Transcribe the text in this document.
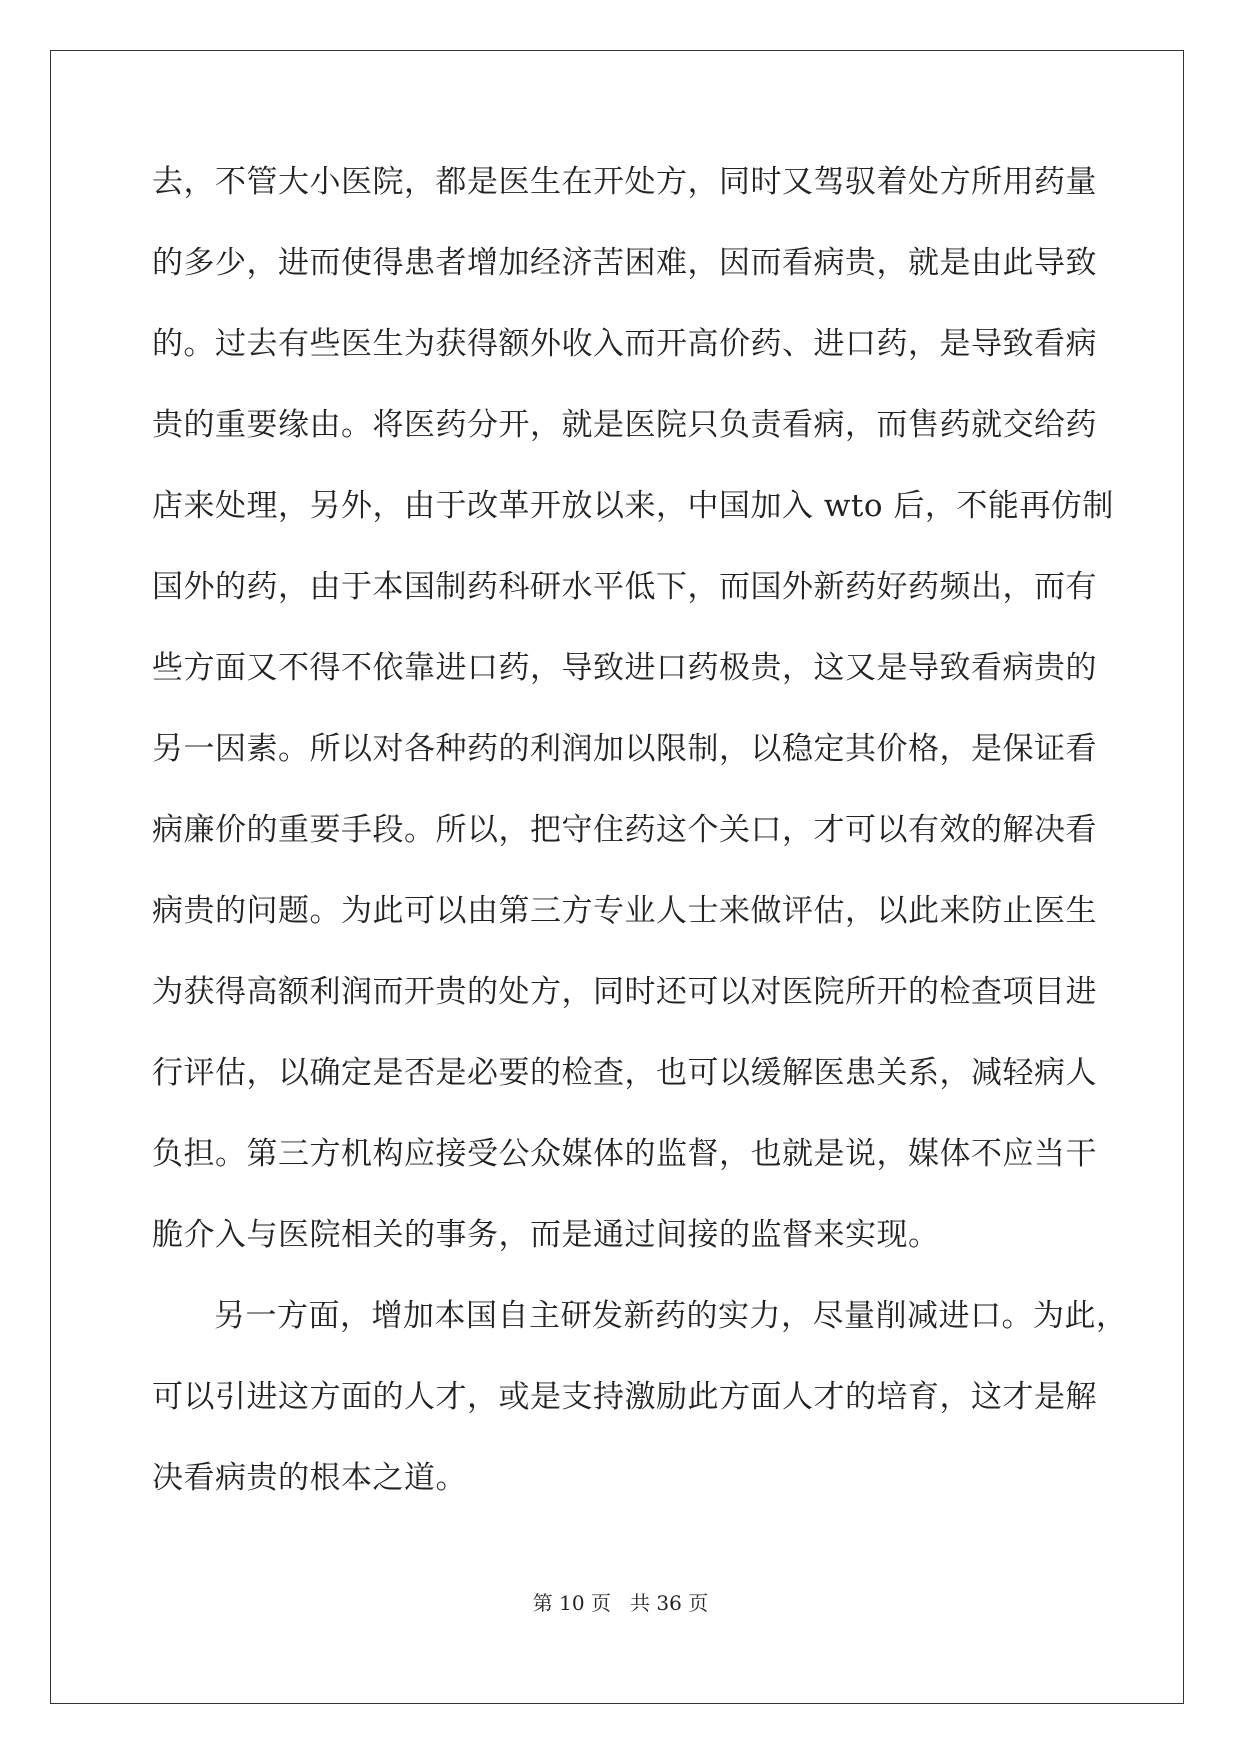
去，不管大小医院，都是医生在开处方，同时又驾驭着处方所用药量
的多少，进而使得患者增加经济苦困难，因而看病贵，就是由此导致
的。过去有些医生为获得额外收入而开高价药、进口药，是导致看病
贵的重要缘由。将医药分开，就是医院只负责看病，而售药就交给药
店来处理，另外，由于改革开放以来，中国加入 wto 后，不能再仿制
国外的药，由于本国制药科研水平低下，而国外新药好药频出，而有
些方面又不得不依靠进口药，导致进口药极贵，这又是导致看病贵的
另一因素。所以对各种药的利润加以限制，以稳定其价格，是保证看
病廉价的重要手段。所以，把守住药这个关口，才可以有效的解决看
病贵的问题。为此可以由第三方专业人士来做评估，以此来防止医生
为获得高额利润而开贵的处方，同时还可以对医院所开的检查项目进
行评估，以确定是否是必要的检查，也可以缓解医患关系，减轻病人
负担。第三方机构应接受公众媒体的监督，也就是说，媒体不应当干
脆介入与医院相关的事务，而是通过间接的监督来实现。
另一方面，增加本国自主研发新药的实力，尽量削减进口。为此，
可以引进这方面的人才，或是支持激励此方面人才的培育，这才是解
决看病贵的根本之道。
第 10 页 共 36 页
